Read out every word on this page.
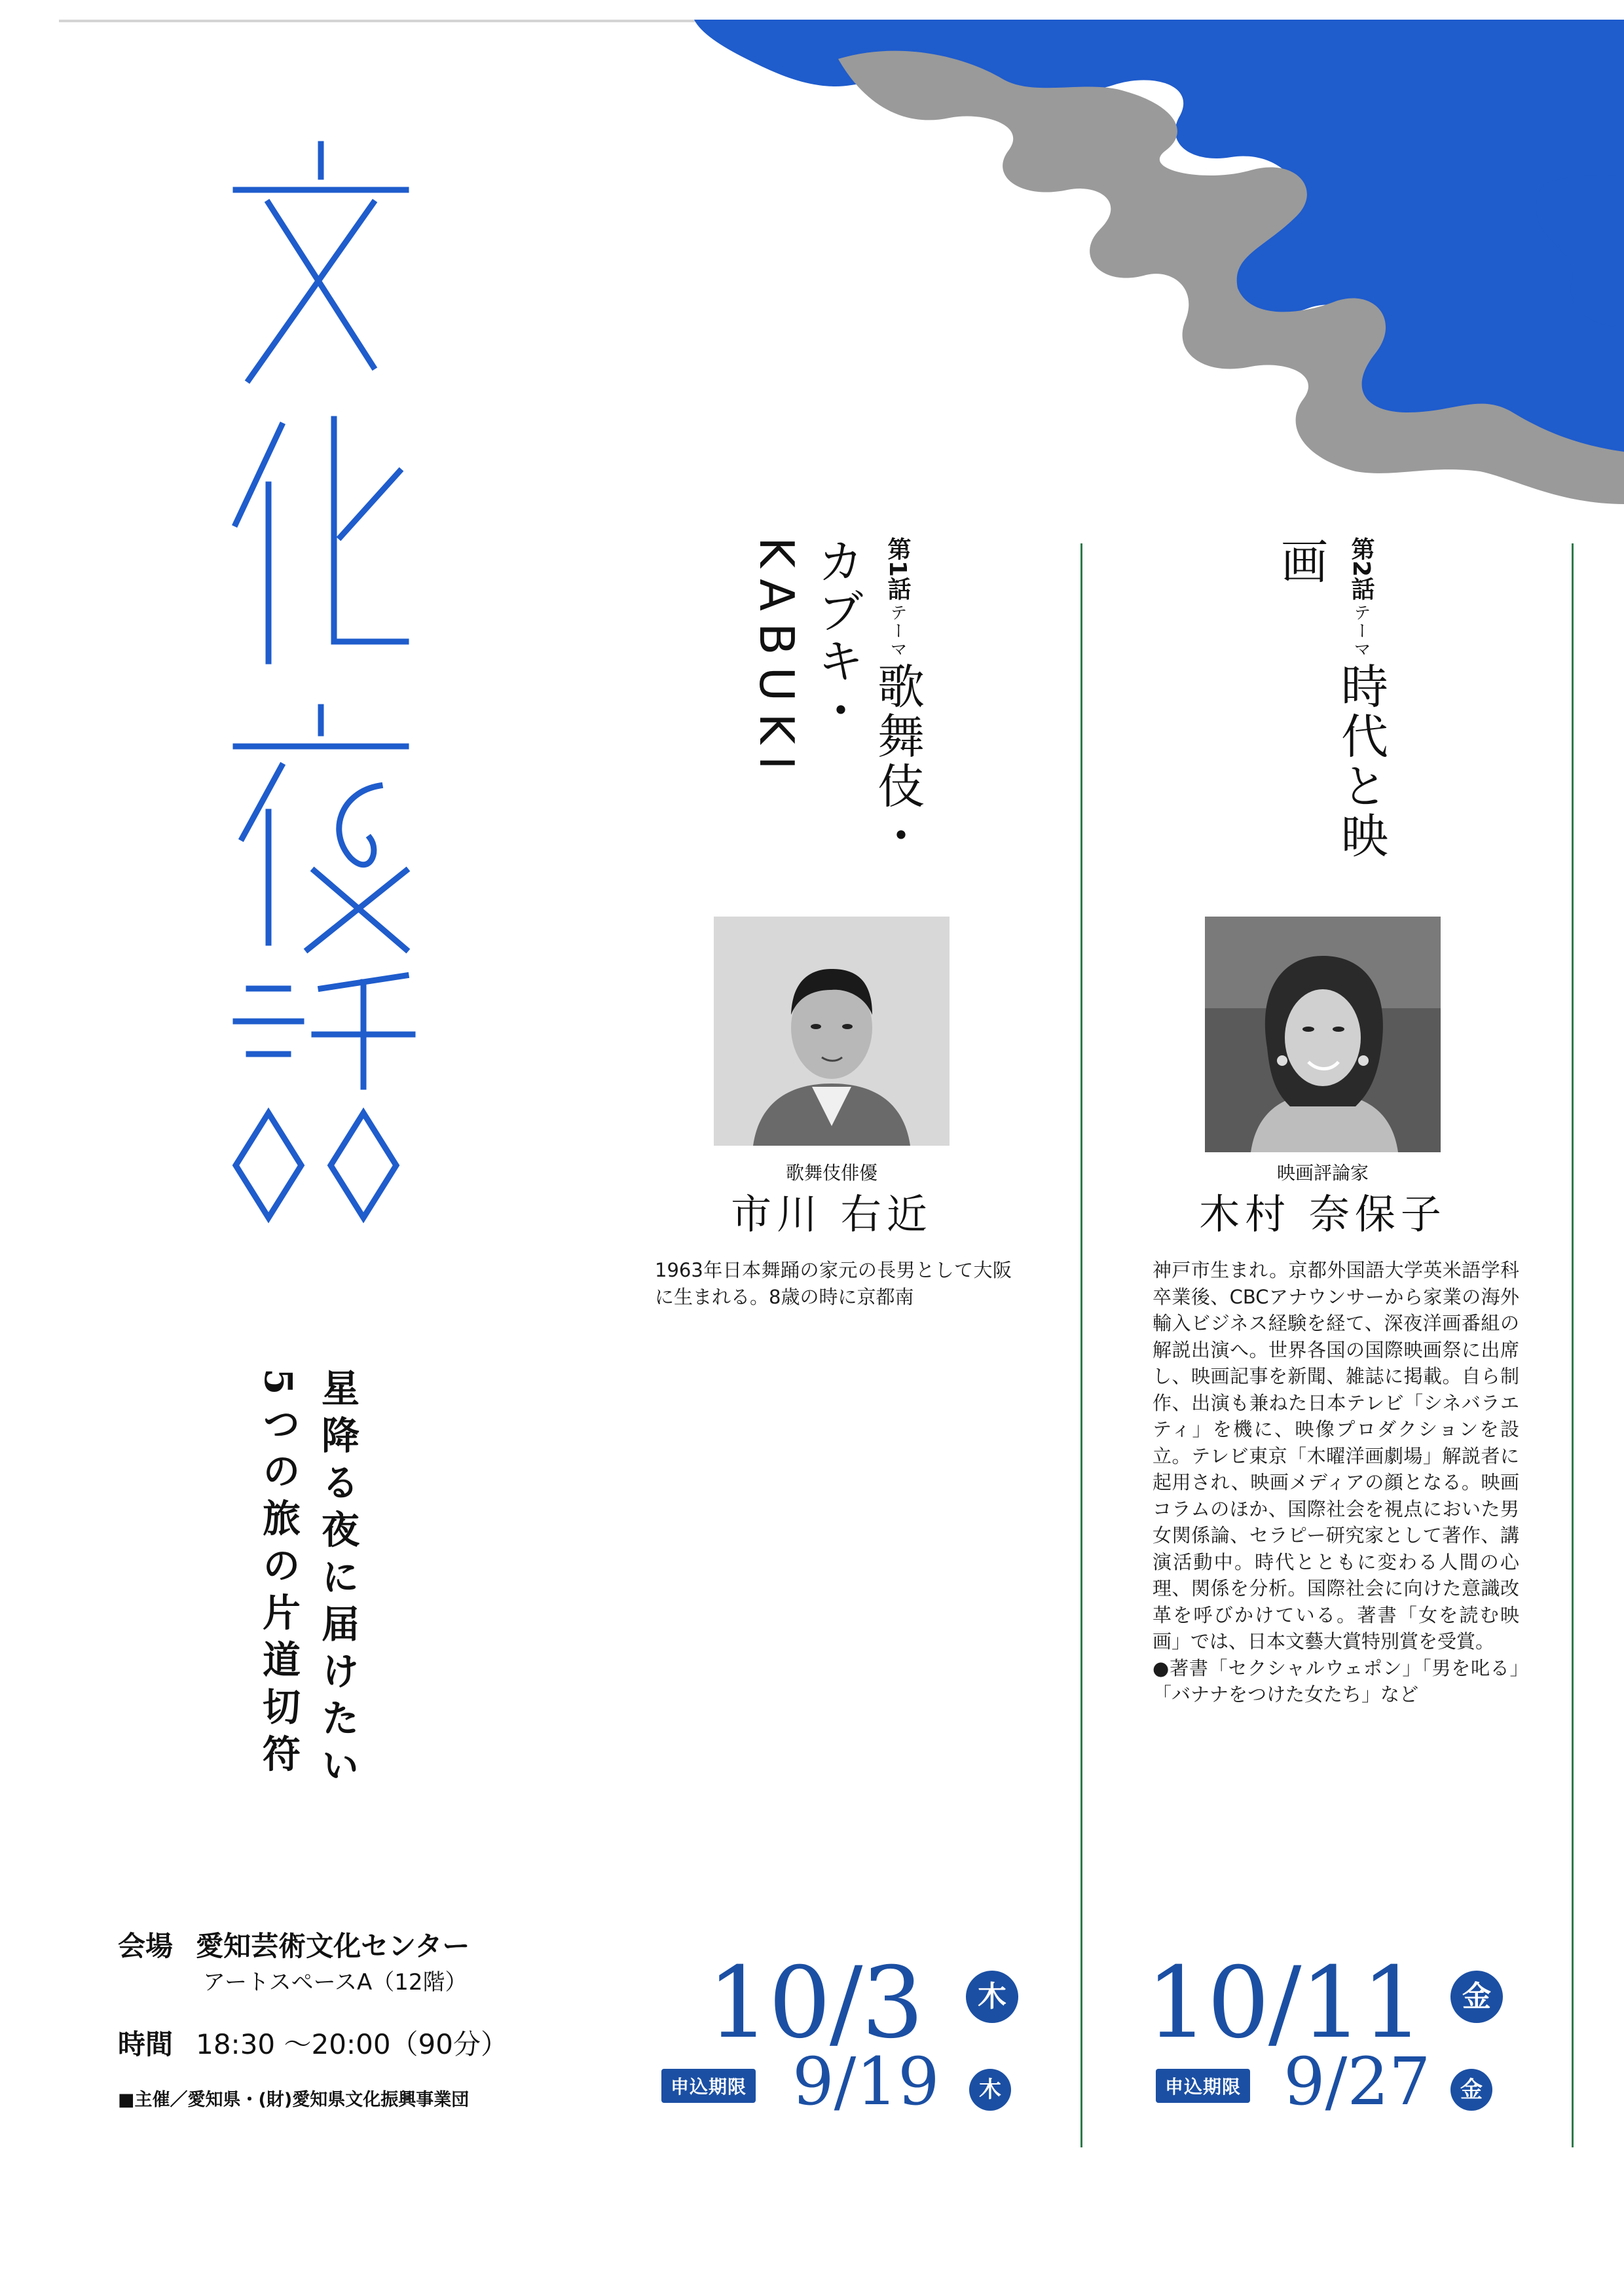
星降る夜に届けたい
5つの旅の片道切符
第1話 テーマ 歌舞伎・カブキ・ KABUKI
歌舞伎俳優
市川 右近

1963年日本舞踊の家元の長男として大阪に生まれる。8歳の時に京都南

10/3	木
申込期限 9/19	木
第2話 テーマ 時代と映画
映画評論家
木村 奈保子

神戸市生まれ。京都外国語大学英米語学科卒業後、CBCアナウンサーから家業の海外輸入ビジネス経験を経て、深夜洋画番組の解説出演へ。世界各国の国際映画祭に出席し、映画記事を新聞、雑誌に掲載。自ら制作、出演も兼ねた日本テレビ「シネバラエティ」を機に、映像プロダクションを設立。テレビ東京「木曜洋画劇場」解説者に起用され、映画メディアの顔となる。映画コラムのほか、国際社会を視点においた男女関係論、セラピー研究家として著作、講演活動中。時代とともに変わる人間の心理、関係を分析。国際社会に向けた意識改革を呼びかけている。著書「女を読む映画」では、日本文藝大賞特別賞を受賞。

●著書「セクシャルウェポン」「男を叱る」「バナナをつけた女たち」など

10/11	金
申込期限 9/27	金
会場 愛知芸術文化センター
アートスペースA（12階）
時間 18:30 ～20:00（90分）
■主催／愛知県・(財)愛知県文化振興事業団
